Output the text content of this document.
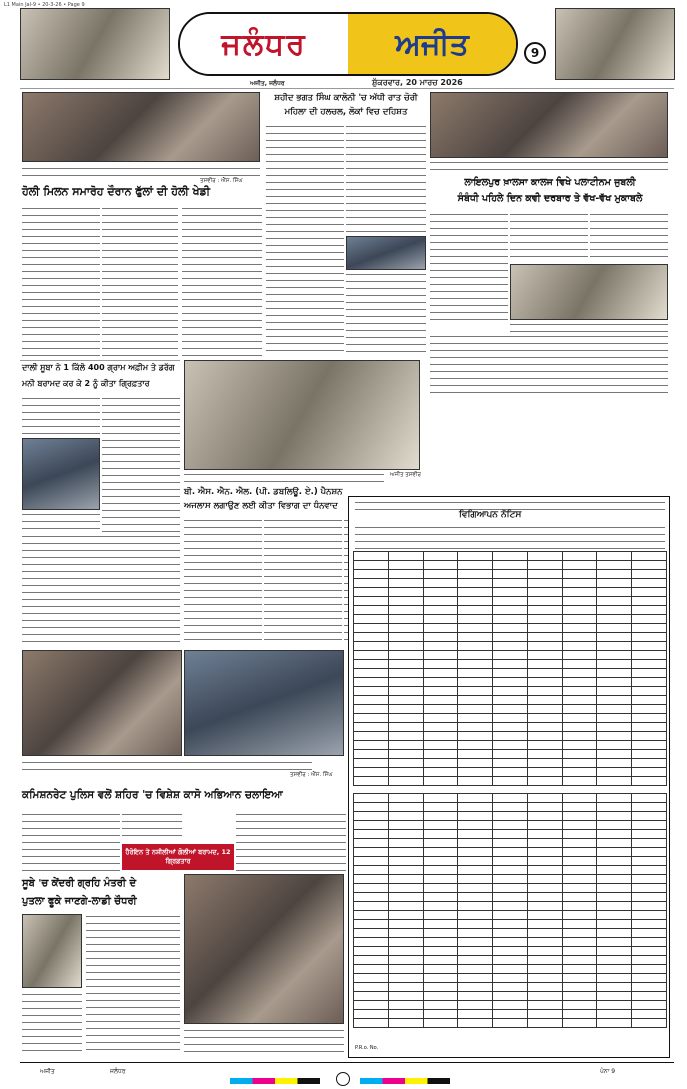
L1 Main Jal-9 • 20-3-26 • Page 9
ਜਲੰਧਰ	ਅਜੀਤ
ਅਜੀਤ, ਜਲੰਧਰ	ਸ਼ੁੱਕਰਵਾਰ, 20 ਮਾਰਚ 2026
9
ਤਸਵੀਰ : ਐੱਸ. ਸਿੰਘ
ਹੋਲੀ ਮਿਲਨ ਸਮਾਰੋਹ ਦੌਰਾਨ ਫੁੱਲਾਂ ਦੀ ਹੋਲੀ ਖੇਡੀ
ਸ਼ਹੀਦ ਭਗਤ ਸਿੰਘ ਕਾਲੋਨੀ 'ਚ ਅੱਧੀ ਰਾਤ ਚੋਰੀ
ਮਹਿਲਾ ਦੀ ਹਲਚਲ, ਲੋਕਾਂ ਵਿਚ ਦਹਿਸ਼ਤ
ਲਾਇਲਪੁਰ ਖ਼ਾਲਸਾ ਕਾਲਜ ਵਿਖੇ ਪਲਾਟੀਨਮ ਜੁਬਲੀ
ਸੰਬੰਧੀ ਪਹਿਲੇ ਦਿਨ ਕਵੀ ਦਰਬਾਰ ਤੇ ਵੱਖ-ਵੱਖ ਮੁਕਾਬਲੇ
ਦਾਲੀ ਸੂਬਾ ਨੇ 1 ਕਿੱਲੋ 400 ਗ੍ਰਾਮ ਅਫ਼ੀਮ ਤੇ ਡਰੱਗ
ਮਨੀ ਬਰਾਮਦ ਕਰ ਕੇ 2 ਨੂੰ ਕੀਤਾ ਗ੍ਰਿਫ਼ਤਾਰ
ਅਜੀਤ ਤਸਵੀਰ
ਬੀ. ਐਸ. ਐਨ. ਐਲ. (ਪੀ. ਡਬਲਿਊ. ਏ.) ਪੈਨਸ਼ਨ
ਅਜਲਾਸ ਲਗਾਉਣ ਲਈ ਕੀਤਾ ਵਿਭਾਗ ਦਾ ਧੰਨਵਾਦ
ਵਿਗਿਆਪਨ ਨੋਟਿਸ

P.R.o. No.
ਤਸਵੀਰ : ਐੱਸ. ਸਿੰਘ
ਕਮਿਸ਼ਨਰੇਟ ਪੁਲਿਸ ਵਲੋਂ ਸ਼ਹਿਰ 'ਚ ਵਿਸ਼ੇਸ਼ ਕਾਸੋ ਅਭਿਆਨ ਚਲਾਇਆ
ਹੈਰੋਇਨ ਤੇ ਨਸ਼ੀਲੀਆਂ ਗੋਲੀਆਂ ਬਰਾਮਦ, 12 ਗ੍ਰਿਫ਼ਤਾਰ
ਸੂਬੇ 'ਚ ਕੇਂਦਰੀ ਗ੍ਰਹਿ ਮੰਤਰੀ ਦੇ
ਪੁਤਲਾ ਫੂਕੇ ਜਾਣਗੇ-ਲਾਡੀ ਚੌਧਰੀ
ਅਜੀਤ	ਜਲੰਧਰ	ਪੰਨਾ 9
